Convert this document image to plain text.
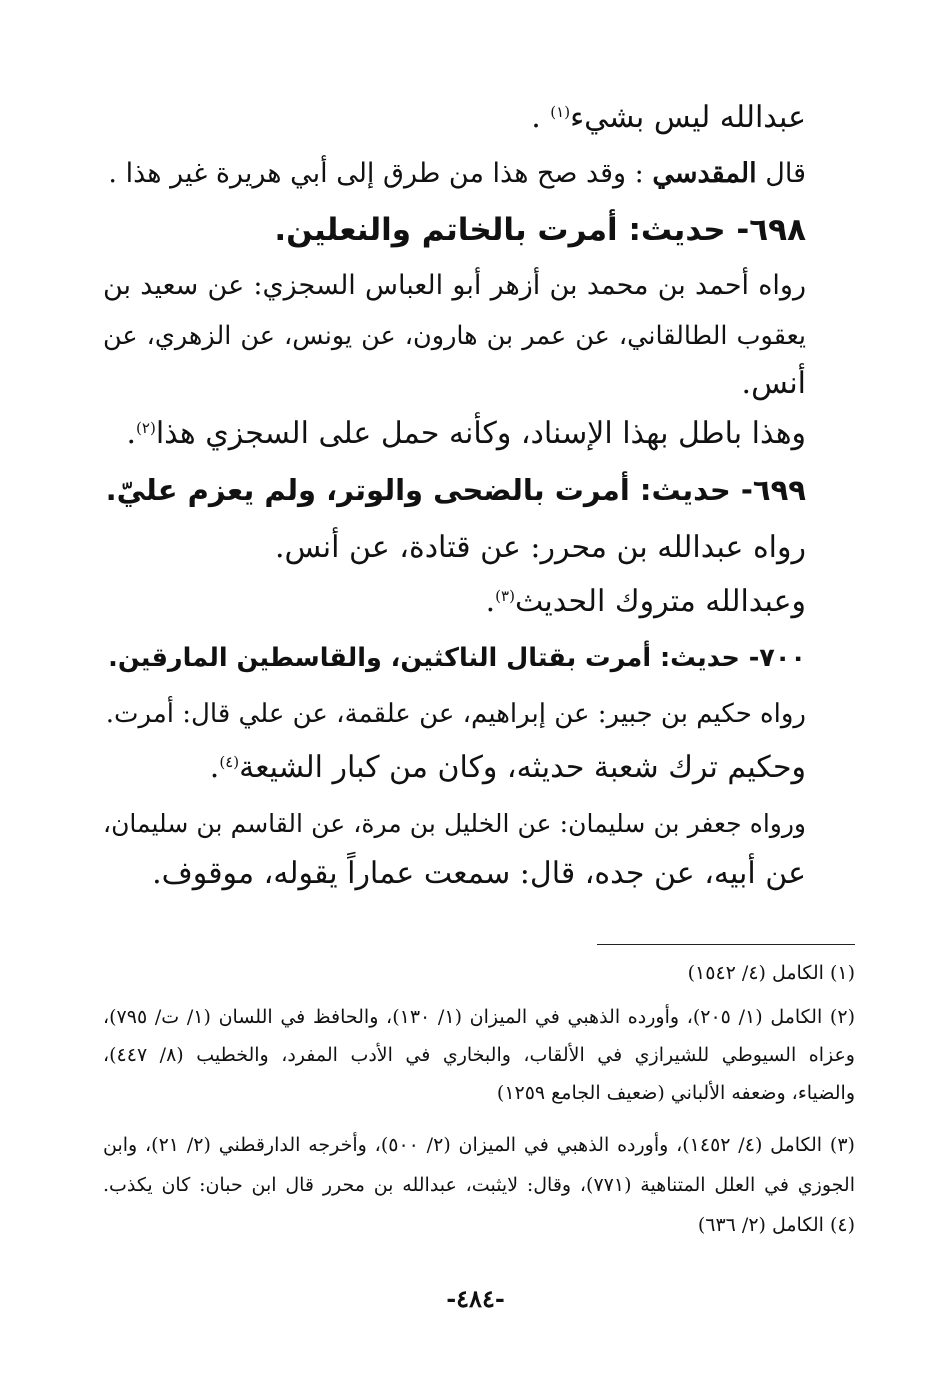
عبدالله ليس بشيء$^{(١)}$ .
قال المقدسي : وقد صح هذا من طرق إلى أبي هريرة غير هذا .
٦٩٨- حديث: أمرت بالخاتم والنعلين.
رواه أحمد بن محمد بن أزهر أبو العباس السجزي: عن سعيد بن
يعقوب الطالقاني، عن عمر بن هارون، عن يونس، عن الزهري، عن
أنس.
وهذا باطل بهذا الإسناد، وكأنه حمل على السجزي هذا$^{(٢)}$.
٦٩٩- حديث: أمرت بالضحى والوتر، ولم يعزم عليّ.
رواه عبدالله بن محرر: عن قتادة، عن أنس.
وعبدالله متروك الحديث$^{(٣)}$.
٧٠٠- حديث: أمرت بقتال الناكثين، والقاسطين المارقين.
رواه حكيم بن جبير: عن إبراهيم، عن علقمة، عن علي قال: أمرت.
وحكيم ترك شعبة حديثه، وكان من كبار الشيعة$^{(٤)}$.
ورواه جعفر بن سليمان: عن الخليل بن مرة، عن القاسم بن سليمان،
عن أبيه، عن جده، قال: سمعت عماراً يقوله، موقوف.
(١) الكامل (٤/ ١٥٤٢)
(٢) الكامل (١/ ٢٠٥)، وأورده الذهبي في الميزان (١/ ١٣٠)، والحافظ في اللسان (١/ ت/ ٧٩٥)،
وعزاه السيوطي للشيرازي في الألقاب، والبخاري في الأدب المفرد، والخطيب (٨/ ٤٤٧)،
والضياء، وضعفه الألباني (ضعيف الجامع ١٢٥٩)
(٣) الكامل (٤/ ١٤٥٢)، وأورده الذهبي في الميزان (٢/ ٥٠٠)، وأخرجه الدارقطني (٢/ ٢١)، وابن
الجوزي في العلل المتناهية (٧٧١)، وقال: لايثبت، عبدالله بن محرر قال ابن حبان: كان يكذب.
(٤) الكامل (٢/ ٦٣٦)
-٤٨٤-
